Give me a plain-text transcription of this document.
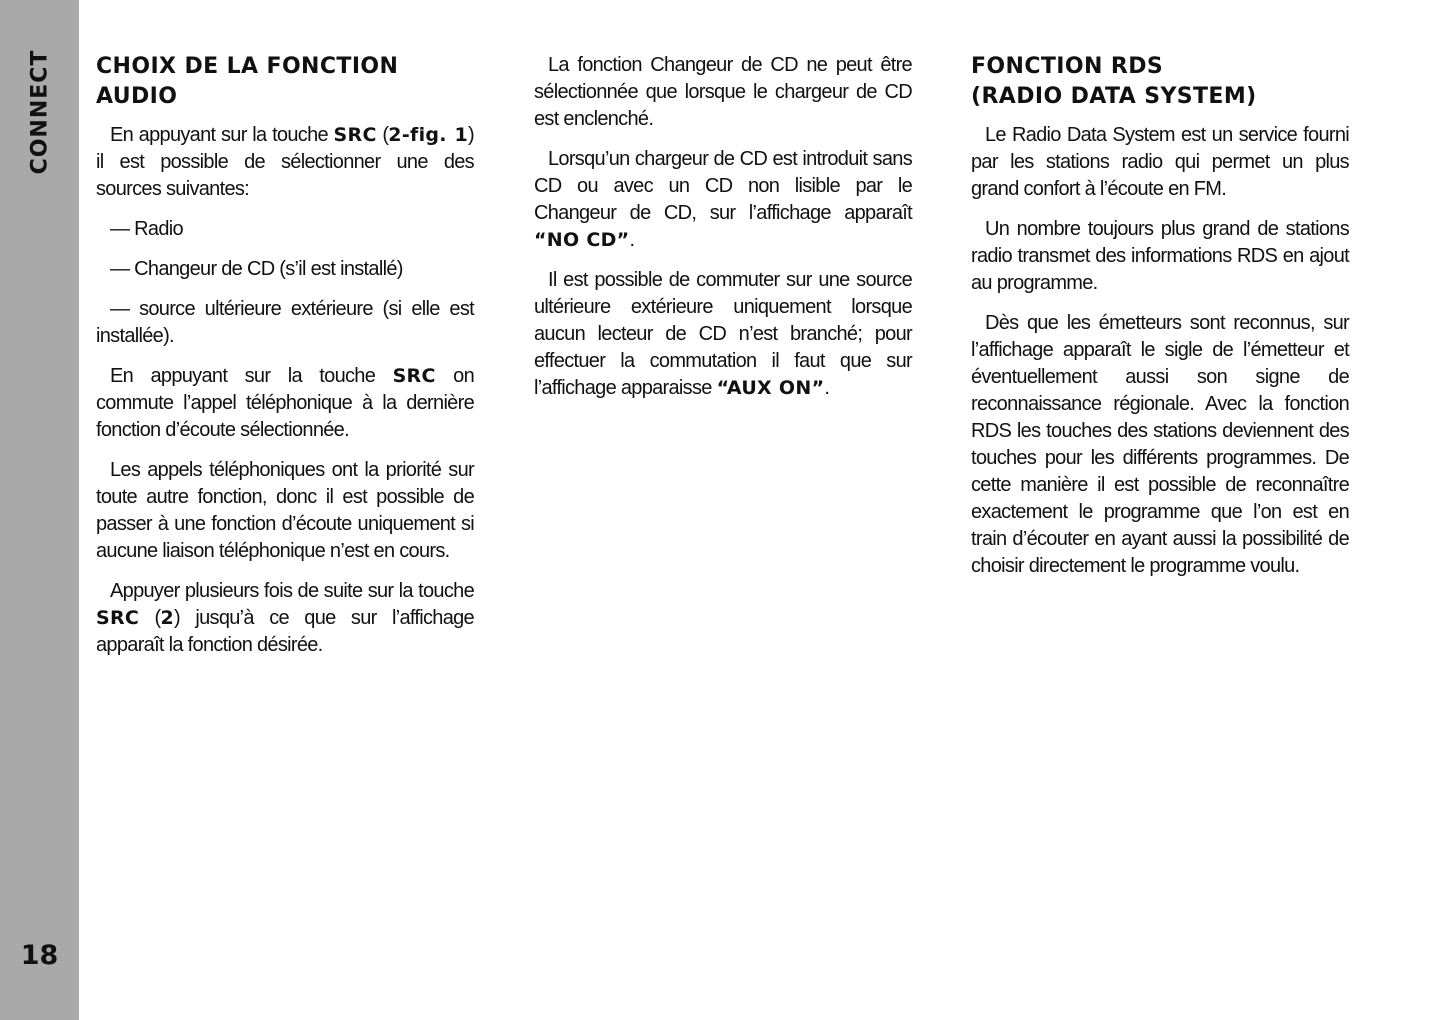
CONNECT
18
CHOIX DE LA FONCTION AUDIO

En appuyant sur la touche SRC (2-fig. 1) il est possible de sélectionner une des sources suivantes:

— Radio

— Changeur de CD (s’il est installé)

— source ultérieure extérieure (si elle est installée).

En appuyant sur la touche SRC on commute l’appel téléphonique à la dernière fonction d’écoute sélectionnée.

Les appels téléphoniques ont la priorité sur toute autre fonction, donc il est possible de passer à une fonction d’écoute uniquement si aucune liaison téléphonique n’est en cours.

Appuyer plusieurs fois de suite sur la touche SRC (2) jusqu’à ce que sur l’affichage apparaît la fonction désirée.

La fonction Changeur de CD ne peut être sélectionnée que lorsque le chargeur de CD est enclenché.

Lorsqu’un chargeur de CD est introduit sans CD ou avec un CD non lisible par le Changeur de CD, sur l’affichage apparaît “NO CD”.

Il est possible de commuter sur une source ultérieure extérieure uniquement lorsque aucun lecteur de CD n’est branché; pour effectuer la commutation il faut que sur l’affichage apparaisse “AUX ON”.

FONCTION RDS
(RADIO DATA SYSTEM)

Le Radio Data System est un service fourni par les stations radio qui permet un plus grand confort à l’écoute en FM.

Un nombre toujours plus grand de stations radio transmet des informations RDS en ajout au programme.

Dès que les émetteurs sont reconnus, sur l’affichage apparaît le sigle de l’émetteur et éventuellement aussi son signe de reconnaissance régionale. Avec la fonction RDS les touches des stations deviennent des touches pour les différents programmes. De cette manière il est possible de reconnaître exactement le programme que l’on est en train d’écouter en ayant aussi la possibilité de choisir directement le programme voulu.
